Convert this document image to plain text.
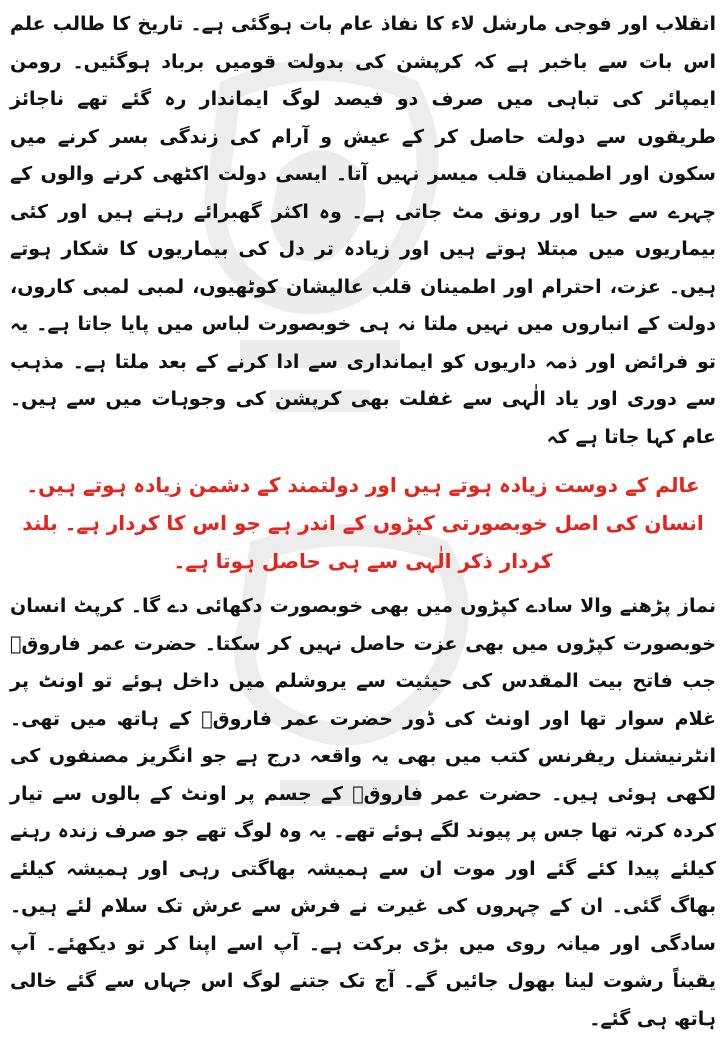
انقلاب اور فوجی مارشل لاء کا نفاذ عام بات ہوگئی ہے۔ تاریخ کا طالب علم اس بات سے باخبر ہے کہ کرپشن کی بدولت قومیں برباد ہوگئیں۔ رومن ایمپائر کی تباہی میں صرف دو فیصد لوگ ایماندار رہ گئے تھے ناجائز طریقوں سے دولت حاصل کر کے عیش و آرام کی زندگی بسر کرنے میں سکون اور اطمینان قلب میسر نہیں آتا۔ ایسی دولت اکٹھی کرنے والوں کے چہرے سے حیا اور رونق مٹ جاتی ہے۔ وہ اکثر گھبرائے رہتے ہیں اور کئی بیماریوں میں مبتلا ہوتے ہیں اور زیادہ تر دل کی بیماریوں کا شکار ہوتے ہیں۔ عزت، احترام اور اطمینان قلب عالیشان کوٹھیوں، لمبی لمبی کاروں، دولت کے انباروں میں نہیں ملتا نہ ہی خوبصورت لباس میں پایا جاتا ہے۔ یہ تو فرائض اور ذمہ داریوں کو ایمانداری سے ادا کرنے کے بعد ملتا ہے۔ مذہب سے دوری اور یاد الٰہی سے غفلت بھی کرپشن کی وجوہات میں سے ہیں۔ عام کہا جاتا ہے کہ

عالم کے دوست زیادہ ہوتے ہیں اور دولتمند کے دشمن زیادہ ہوتے ہیں۔ انسان کی اصل خوبصورتی کپڑوں کے اندر ہے جو اس کا کردار ہے۔ بلند کردار ذکر الٰہی سے ہی حاصل ہوتا ہے۔

نماز پڑھنے والا سادے کپڑوں میں بھی خوبصورت دکھائی دے گا۔ کرپٹ انسان خوبصورت کپڑوں میں بھی عزت حاصل نہیں کر سکتا۔ حضرت عمر فاروقؓ جب فاتح بیت المقدس کی حیثیت سے یروشلم میں داخل ہوئے تو اونٹ پر غلام سوار تھا اور اونٹ کی ڈور حضرت عمر فاروقؓ کے ہاتھ میں تھی۔ انٹرنیشنل ریفرنس کتب میں بھی یہ واقعہ درج ہے جو انگریز مصنفوں کی لکھی ہوئی ہیں۔ حضرت عمر فاروقؓ کے جسم پر اونٹ کے بالوں سے تیار کردہ کرتہ تھا جس پر پیوند لگے ہوئے تھے۔ یہ وہ لوگ تھے جو صرف زندہ رہنے کیلئے پیدا کئے گئے اور موت ان سے ہمیشہ بھاگتی رہی اور ہمیشہ کیلئے بھاگ گئی۔ ان کے چہروں کی غیرت نے فرش سے عرش تک سلام لئے ہیں۔ سادگی اور میانہ روی میں بڑی برکت ہے۔ آپ اسے اپنا کر تو دیکھئے۔ آپ یقیناً رشوت لینا بھول جائیں گے۔ آج تک جتنے لوگ اس جہاں سے گئے خالی ہاتھ ہی گئے۔
